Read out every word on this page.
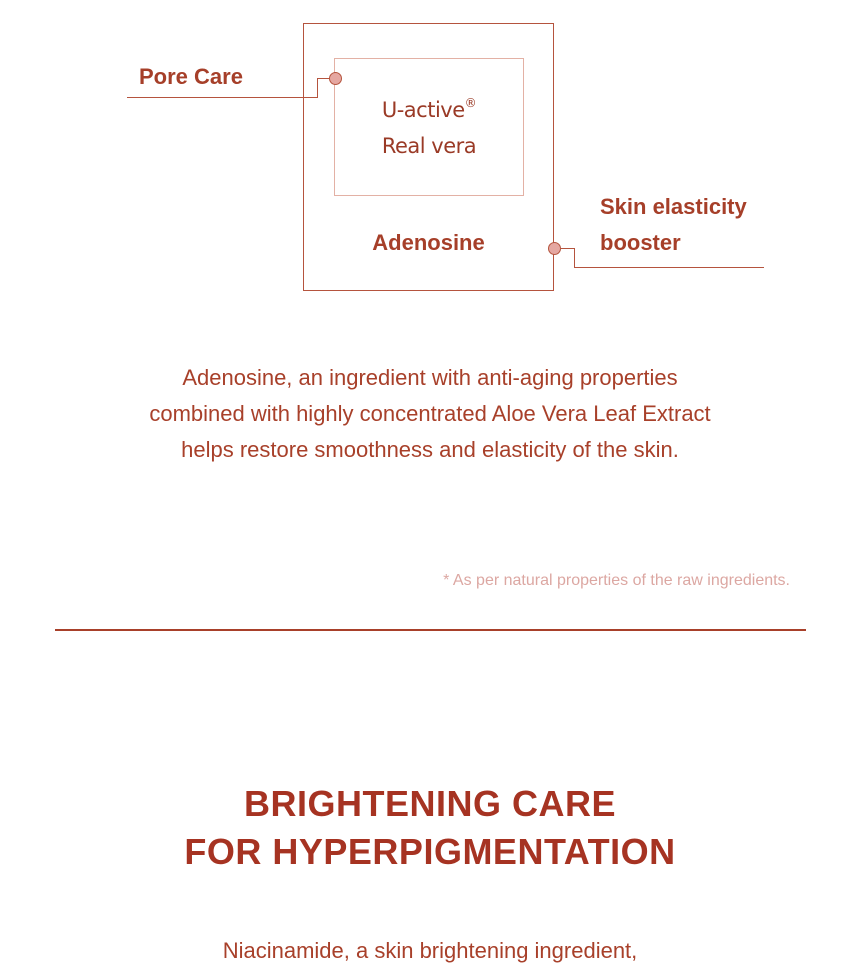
U-active®
Real vera
Adenosine
Pore Care
Skin elasticity
booster
Adenosine, an ingredient with anti-aging properties
combined with highly concentrated Aloe Vera Leaf Extract
helps restore smoothness and elasticity of the skin.
* As per natural properties of the raw ingredients.
BRIGHTENING CARE
FOR HYPERPIGMENTATION
Niacinamide, a skin brightening ingredient,
